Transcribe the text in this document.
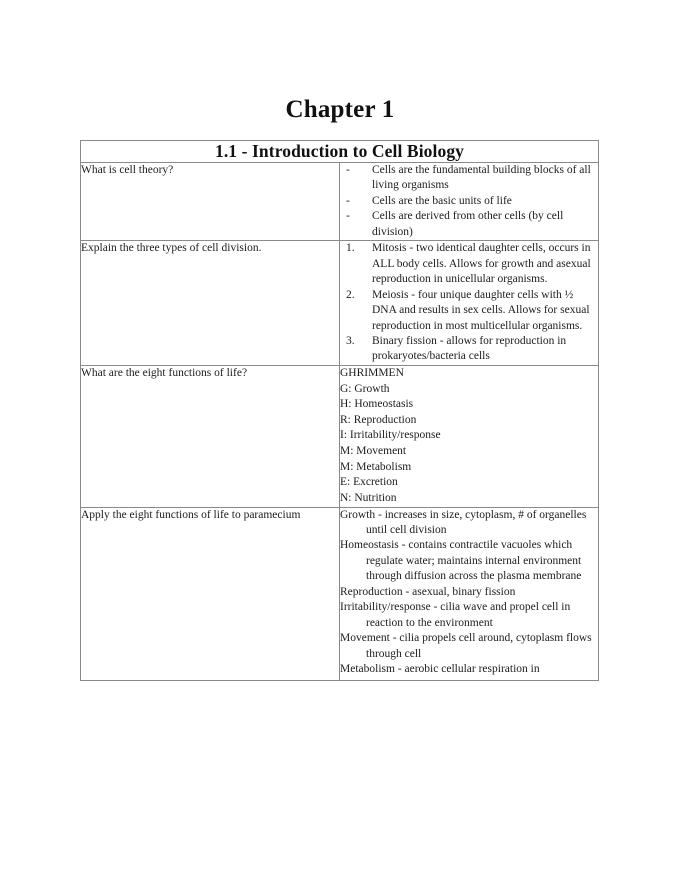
Chapter 1
1.1 - Introduction to Cell Biology	

What is cell theory?	-	Cells are the fundamental building blocks of all living organisms
-	Cells are the basic units of life
-	Cells are derived from other cells (by cell division)

Explain the three types of cell division.	1.	Mitosis - two identical daughter cells, occurs in ALL body cells. Allows for growth and asexual reproduction in unicellular organisms.
2.	Meiosis - four unique daughter cells with ½ DNA and results in sex cells. Allows for sexual reproduction in most multicellular organisms.
3.	Binary fission - allows for reproduction in prokaryotes/bacteria cells

What are the eight functions of life?	GHRIMMEN
G: Growth
H: Homeostasis
R: Reproduction
I: Irritability/response
M: Movement
M: Metabolism
E: Excretion
N: Nutrition

Apply the eight functions of life to paramecium	Growth - increases in size, cytoplasm, # of organelles until cell division
Homeostasis - contains contractile vacuoles which regulate water; maintains internal environment through diffusion across the plasma membrane
Reproduction - asexual, binary fission
Irritability/response - cilia wave and propel cell in reaction to the environment
Movement - cilia propels cell around, cytoplasm flows through cell
Metabolism - aerobic cellular respiration in
